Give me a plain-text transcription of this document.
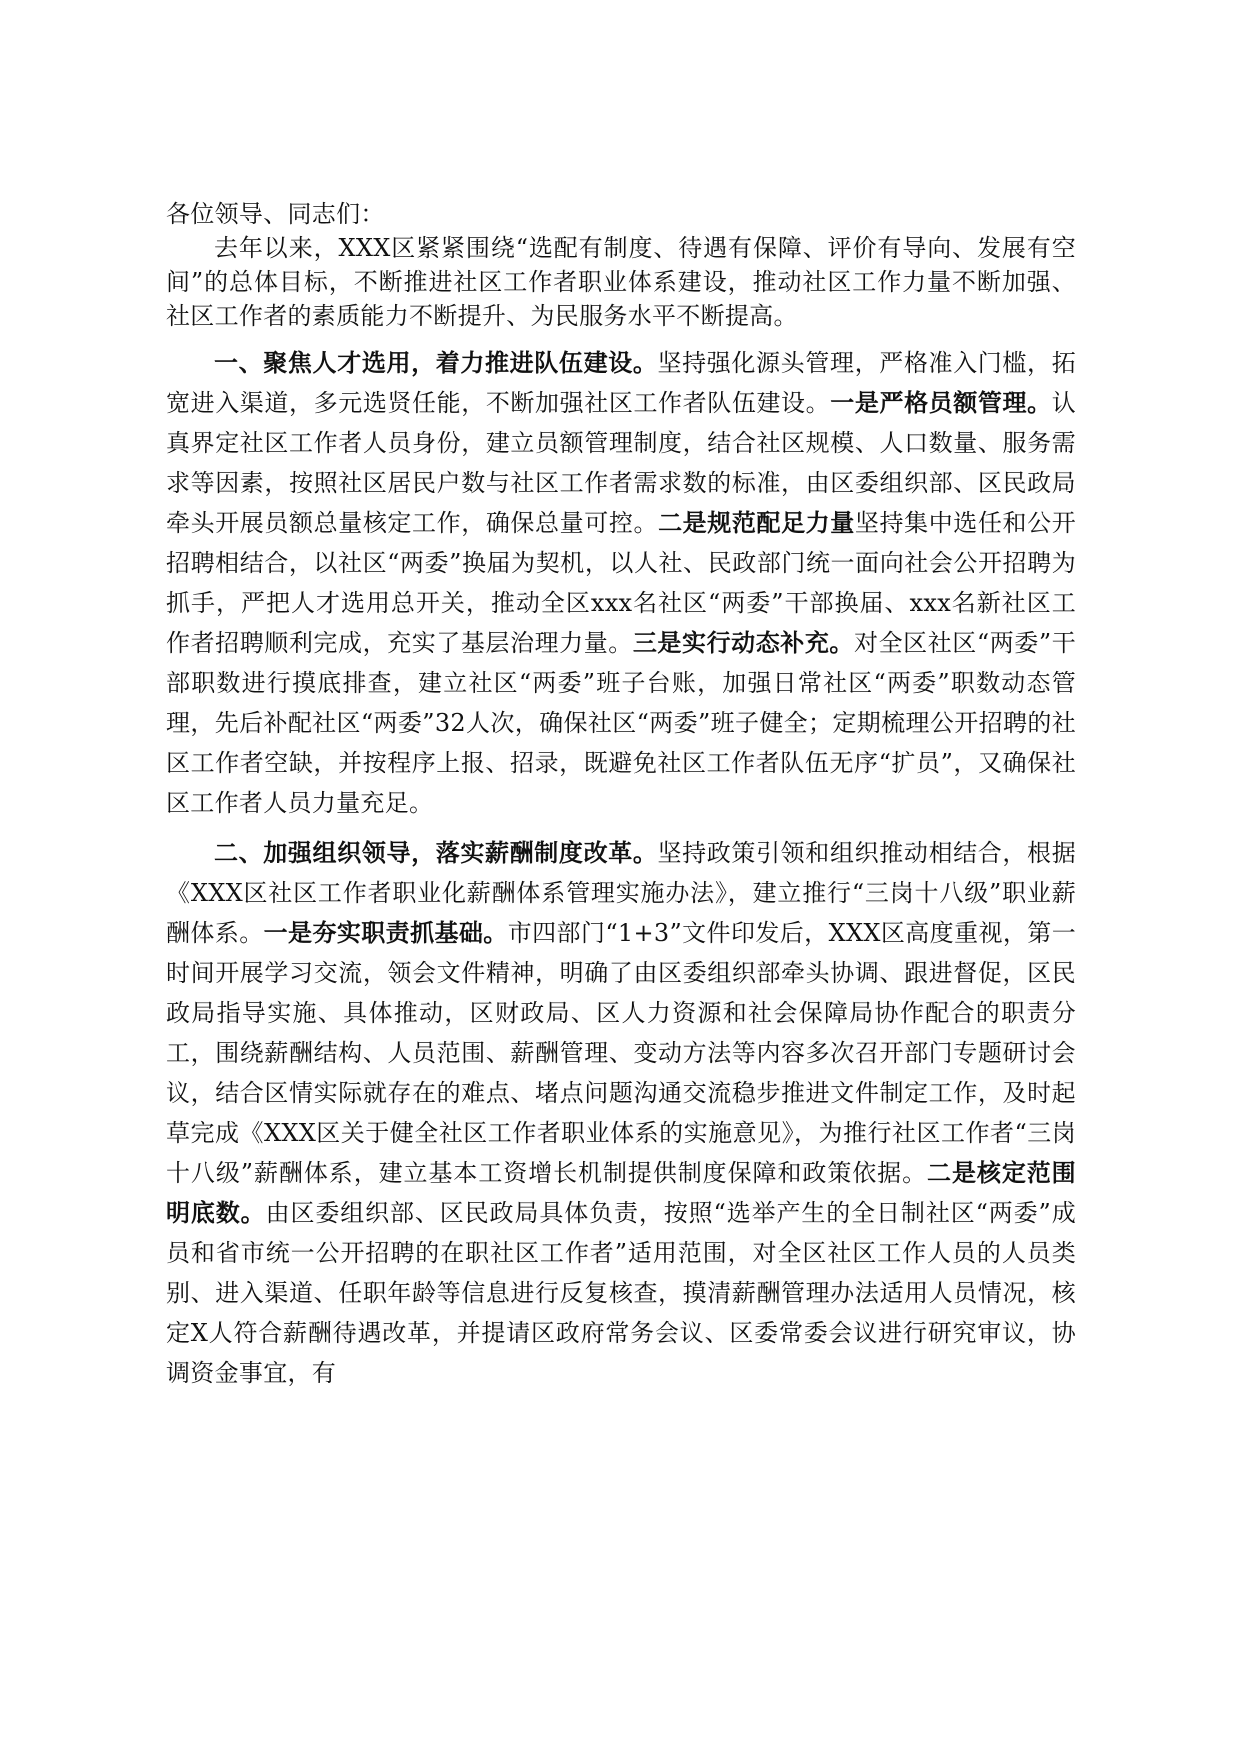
各位领导、同志们：

去年以来，XXX区紧紧围绕“选配有制度、待遇有保障、评价有导向、发展有空间”的总体目标，不断推进社区工作者职业体系建设，推动社区工作力量不断加强、社区工作者的素质能力不断提升、为民服务水平不断提高。

一、聚焦人才选用，着力推进队伍建设。坚持强化源头管理，严格准入门槛，拓宽进入渠道，多元选贤任能，不断加强社区工作者队伍建设。一是严格员额管理。认真界定社区工作者人员身份，建立员额管理制度，结合社区规模、人口数量、服务需求等因素，按照社区居民户数与社区工作者需求数的标准，由区委组织部、区民政局牵头开展员额总量核定工作，确保总量可控。二是规范配足力量坚持集中选任和公开招聘相结合，以社区“两委”换届为契机，以人社、民政部门统一面向社会公开招聘为抓手，严把人才选用总开关，推动全区xxx名社区“两委”干部换届、xxx名新社区工作者招聘顺利完成，充实了基层治理力量。三是实行动态补充。对全区社区“两委”干部职数进行摸底排查，建立社区“两委”班子台账，加强日常社区“两委”职数动态管理，先后补配社区“两委”32人次，确保社区“两委”班子健全；定期梳理公开招聘的社区工作者空缺，并按程序上报、招录，既避免社区工作者队伍无序“扩员”，又确保社区工作者人员力量充足。

二、加强组织领导，落实薪酬制度改革。坚持政策引领和组织推动相结合，根据《XXX区社区工作者职业化薪酬体系管理实施办法》，建立推行“三岗十八级”职业薪酬体系。一是夯实职责抓基础。市四部门“1+3”文件印发后，XXX区高度重视，第一时间开展学习交流，领会文件精神，明确了由区委组织部牵头协调、跟进督促，区民政局指导实施、具体推动，区财政局、区人力资源和社会保障局协作配合的职责分工，围绕薪酬结构、人员范围、薪酬管理、变动方法等内容多次召开部门专题研讨会议，结合区情实际就存在的难点、堵点问题沟通交流稳步推进文件制定工作，及时起草完成《XXX区关于健全社区工作者职业体系的实施意见》，为推行社区工作者“三岗十八级”薪酬体系，建立基本工资增长机制提供制度保障和政策依据。二是核定范围明底数。由区委组织部、区民政局具体负责，按照“选举产生的全日制社区“两委”成员和省市统一公开招聘的在职社区工作者”适用范围，对全区社区工作人员的人员类别、进入渠道、任职年龄等信息进行反复核查，摸清薪酬管理办法适用人员情况，核定X人符合薪酬待遇改革，并提请区政府常务会议、区委常委会议进行研究审议，协调资金事宜，有
